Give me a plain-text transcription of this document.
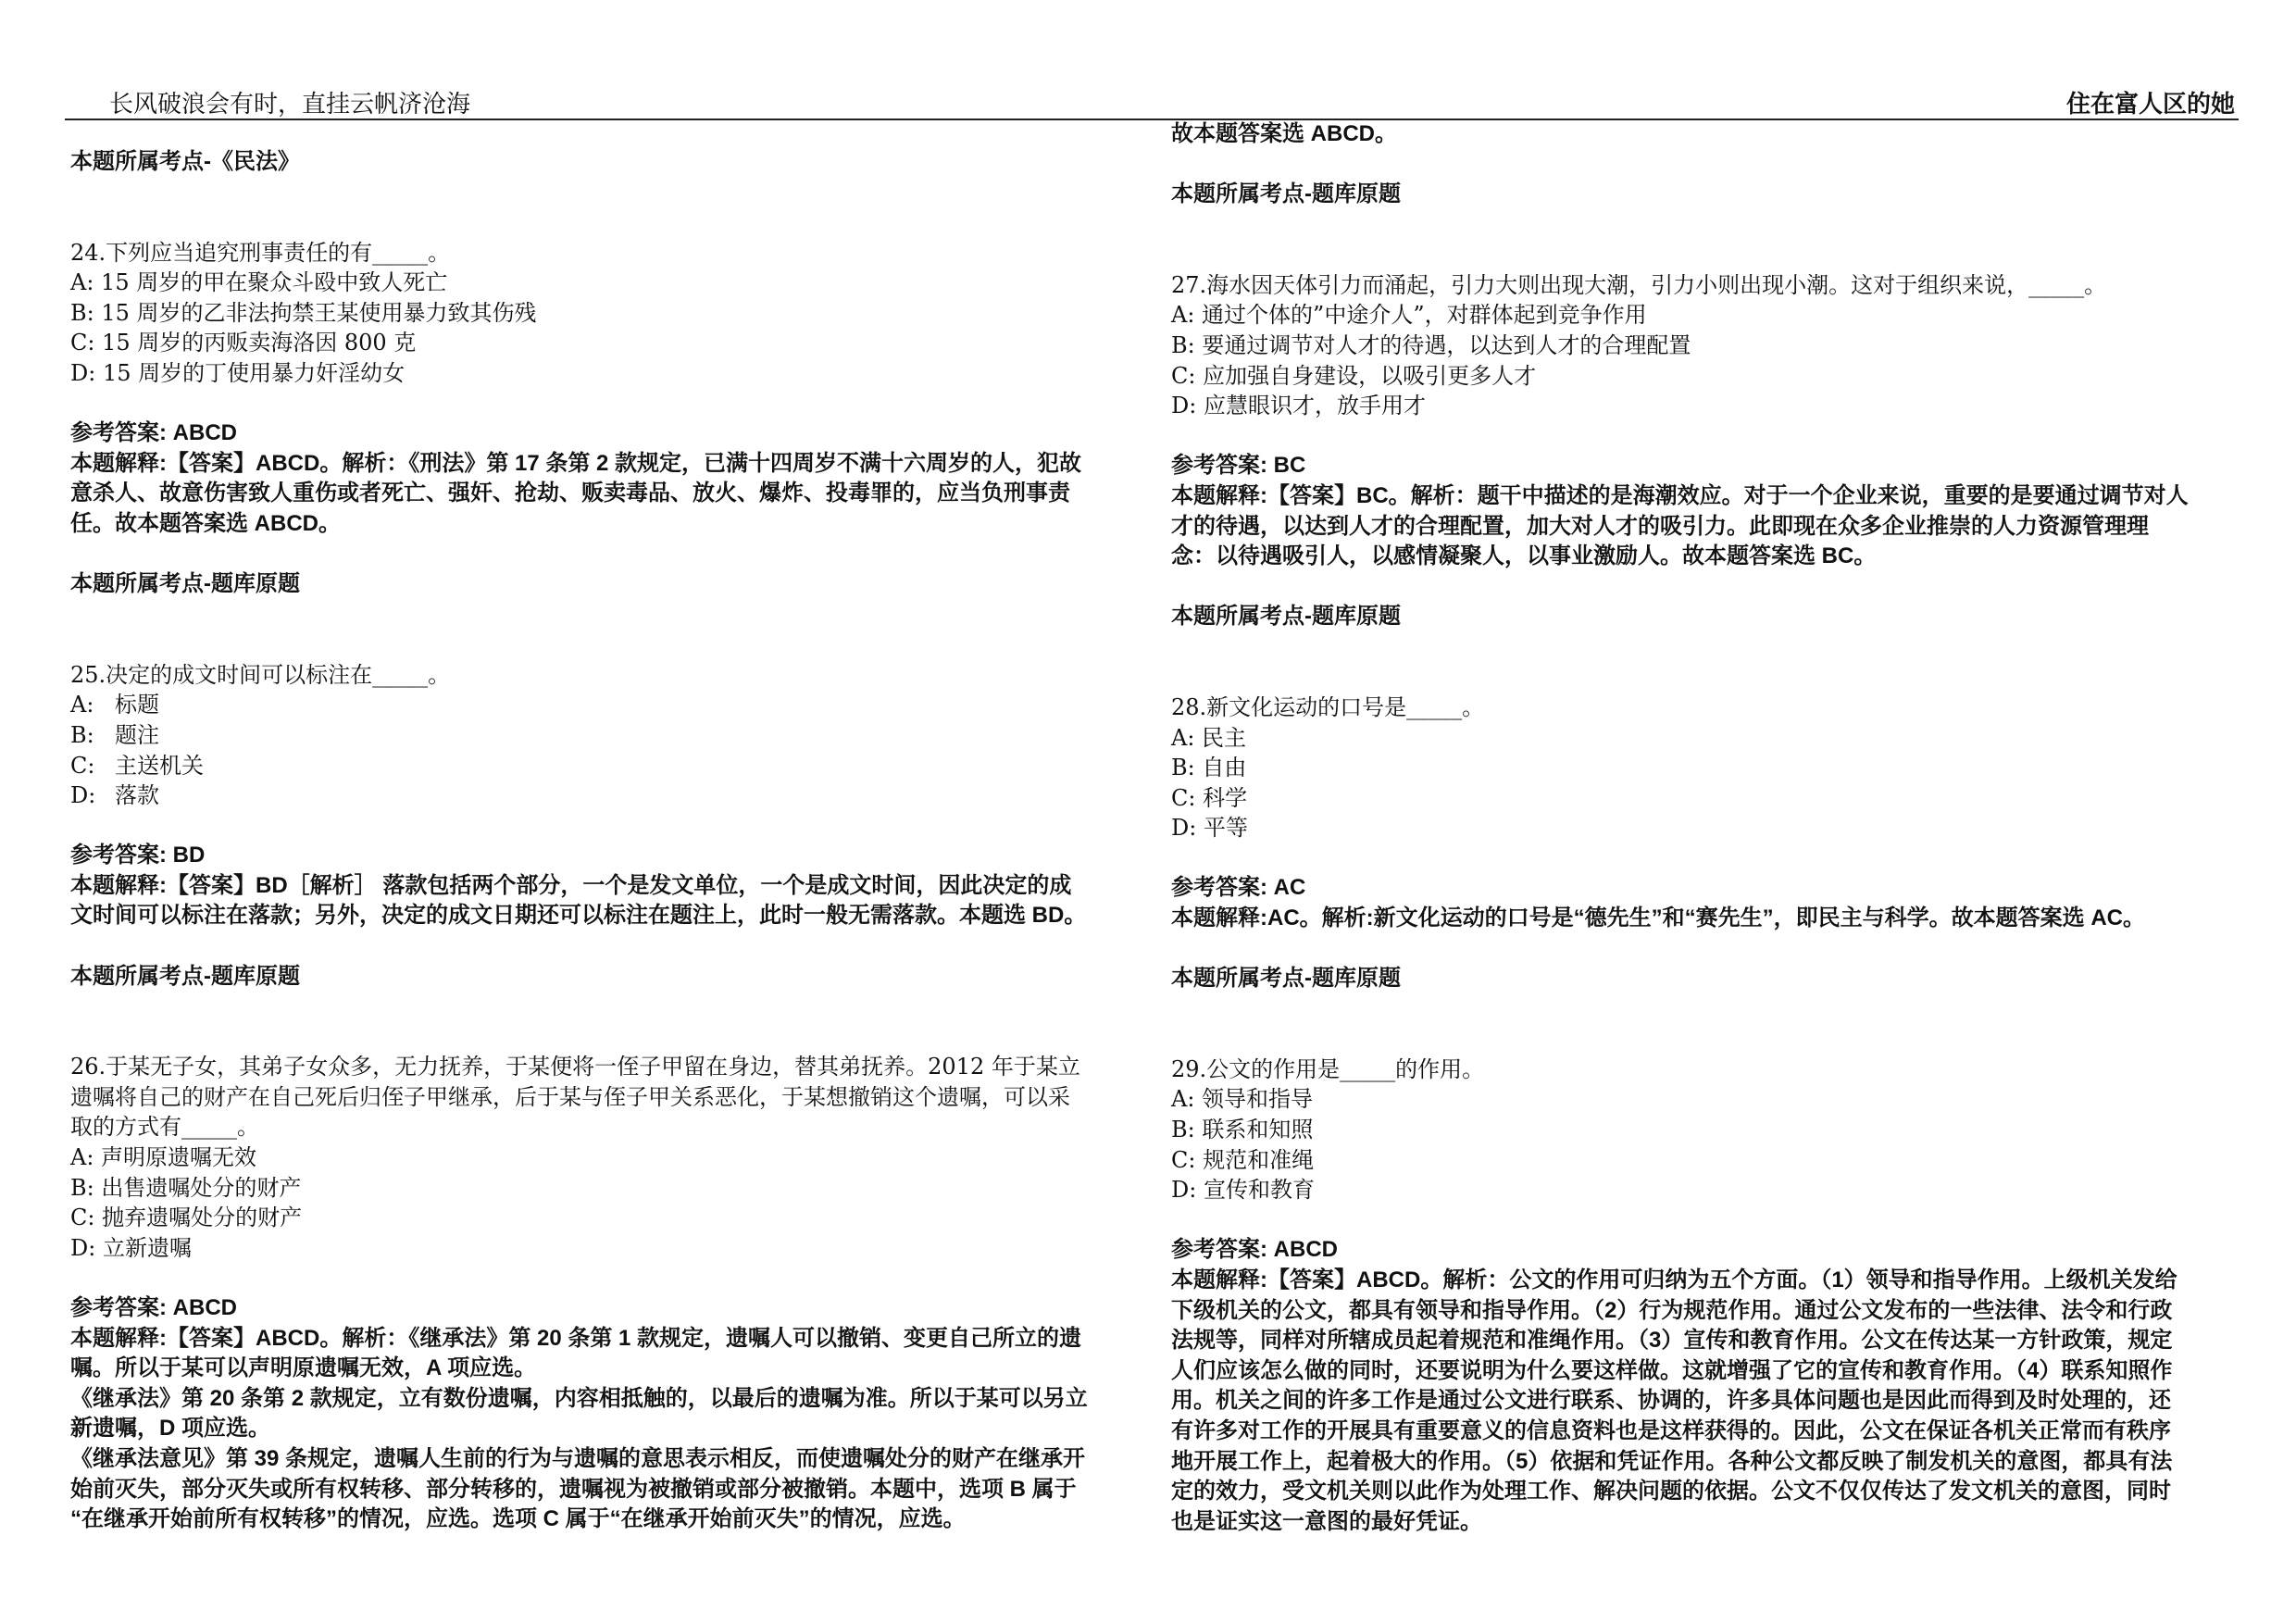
长风破浪会有时，直挂云帆济沧海	住在富人区的她
本题所属考点-《民法》
24.下列应当追究刑事责任的有_____。
A: 15 周岁的甲在聚众斗殴中致人死亡
B: 15 周岁的乙非法拘禁王某使用暴力致其伤残
C: 15 周岁的丙贩卖海洛因 800 克
D: 15 周岁的丁使用暴力奸淫幼女
参考答案: ABCD
本题解释:【答案】ABCD。解析：《刑法》第 17 条第 2 款规定，已满十四周岁不满十六周岁的人，犯故
意杀人、故意伤害致人重伤或者死亡、强奸、抢劫、贩卖毒品、放火、爆炸、投毒罪的，应当负刑事责
任。故本题答案选 ABCD。
本题所属考点-题库原题
25.决定的成文时间可以标注在_____。
A: 标题
B: 题注
C: 主送机关
D: 落款
参考答案: BD
本题解释:【答案】BD［解析］ 落款包括两个部分，一个是发文单位，一个是成文时间，因此决定的成
文时间可以标注在落款；另外，决定的成文日期还可以标注在题注上，此时一般无需落款。本题选 BD。
本题所属考点-题库原题
26.于某无子女，其弟子女众多，无力抚养，于某便将一侄子甲留在身边，替其弟抚养。2012 年于某立
遗嘱将自己的财产在自己死后归侄子甲继承，后于某与侄子甲关系恶化，于某想撤销这个遗嘱，可以采
取的方式有_____。
A: 声明原遗嘱无效
B: 出售遗嘱处分的财产
C: 抛弃遗嘱处分的财产
D: 立新遗嘱
参考答案: ABCD
本题解释:【答案】ABCD。解析：《继承法》第 20 条第 1 款规定，遗嘱人可以撤销、变更自己所立的遗
嘱。所以于某可以声明原遗嘱无效，A 项应选。
《继承法》第 20 条第 2 款规定，立有数份遗嘱，内容相抵触的，以最后的遗嘱为准。所以于某可以另立
新遗嘱，D 项应选。
《继承法意见》第 39 条规定，遗嘱人生前的行为与遗嘱的意思表示相反，而使遗嘱处分的财产在继承开
始前灭失，部分灭失或所有权转移、部分转移的，遗嘱视为被撤销或部分被撤销。本题中，选项 B 属于
“在继承开始前所有权转移”的情况，应选。选项 C 属于“在继承开始前灭失”的情况，应选。
故本题答案选 ABCD。
本题所属考点-题库原题
27.海水因天体引力而涌起，引力大则出现大潮，引力小则出现小潮。这对于组织来说，_____。
A: 通过个体的”中途介人”，对群体起到竞争作用
B: 要通过调节对人才的待遇，以达到人才的合理配置
C: 应加强自身建设，以吸引更多人才
D: 应慧眼识才，放手用才
参考答案: BC
本题解释:【答案】BC。解析：题干中描述的是海潮效应。对于一个企业来说，重要的是要通过调节对人
才的待遇，以达到人才的合理配置，加大对人才的吸引力。此即现在众多企业推崇的人力资源管理理
念：以待遇吸引人，以感情凝聚人，以事业激励人。故本题答案选 BC。
本题所属考点-题库原题
28.新文化运动的口号是_____。
A: 民主
B: 自由
C: 科学
D: 平等
参考答案: AC
本题解释:AC。解析:新文化运动的口号是“德先生”和“赛先生”，即民主与科学。故本题答案选 AC。
本题所属考点-题库原题
29.公文的作用是_____的作用。
A: 领导和指导
B: 联系和知照
C: 规范和准绳
D: 宣传和教育
参考答案: ABCD
本题解释:【答案】ABCD。解析：公文的作用可归纳为五个方面。（1）领导和指导作用。上级机关发给
下级机关的公文，都具有领导和指导作用。（2）行为规范作用。通过公文发布的一些法律、法令和行政
法规等，同样对所辖成员起着规范和准绳作用。（3）宣传和教育作用。公文在传达某一方针政策，规定
人们应该怎么做的同时，还要说明为什么要这样做。这就增强了它的宣传和教育作用。（4）联系知照作
用。机关之间的许多工作是通过公文进行联系、协调的，许多具体问题也是因此而得到及时处理的，还
有许多对工作的开展具有重要意义的信息资料也是这样获得的。因此，公文在保证各机关正常而有秩序
地开展工作上，起着极大的作用。（5）依据和凭证作用。各种公文都反映了制发机关的意图，都具有法
定的效力，受文机关则以此作为处理工作、解决问题的依据。公文不仅仅传达了发文机关的意图，同时
也是证实这一意图的最好凭证。
